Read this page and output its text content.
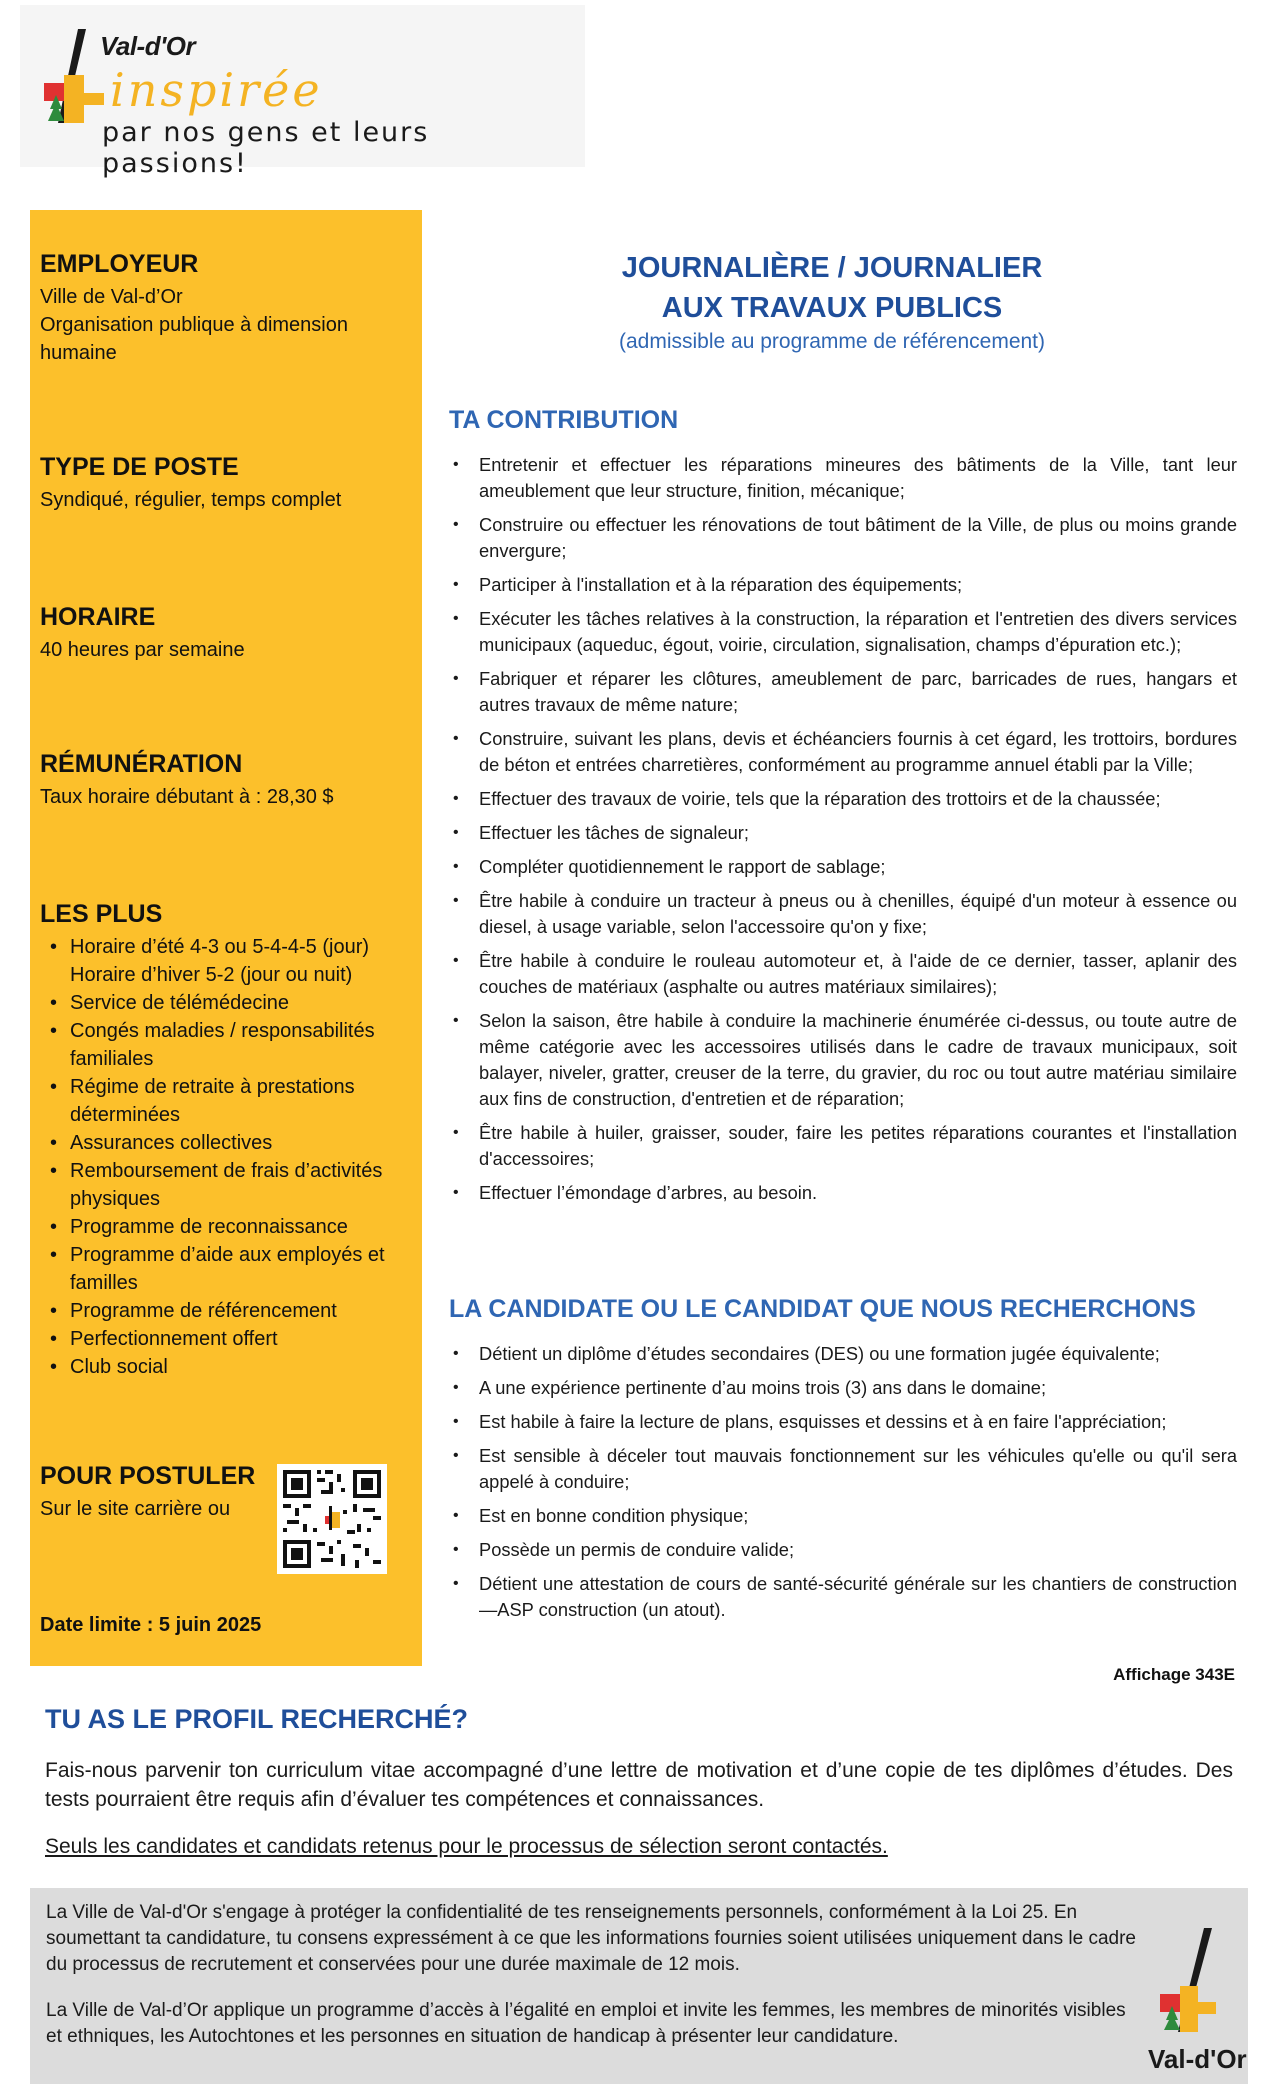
Val-d'Or
inspirée
par nos gens et leurs passions!
EMPLOYEUR
Ville de Val-d’Or
Organisation publique à dimension humaine
TYPE DE POSTE
Syndiqué, régulier, temps complet
HORAIRE
40 heures par semaine
RÉMUNÉRATION
Taux horaire débutant à : 28,30 $
LES PLUS
• Horaire d’été 4-3 ou 5-4-4-5 (jour) Horaire d’hiver 5-2 (jour ou nuit)
• Service de télémédecine
• Congés maladies / responsabilités familiales
• Régime de retraite à prestations déterminées
• Assurances collectives
• Remboursement de frais d’activités physiques
• Programme de reconnaissance
• Programme d’aide aux employés et familles
• Programme de référencement
• Perfectionnement offert
• Club social
POUR POSTULER
Sur le site carrière ou
Date limite : 5 juin 2025
JOURNALIÈRE / JOURNALIER
AUX TRAVAUX PUBLICS
(admissible au programme de référencement)
TA CONTRIBUTION
• Entretenir et effectuer les réparations mineures des bâtiments de la Ville, tant leur ameublement que leur structure, finition, mécanique;
• Construire ou effectuer les rénovations de tout bâtiment de la Ville, de plus ou moins grande envergure;
• Participer à l'installation et à la réparation des équipements;
• Exécuter les tâches relatives à la construction, la réparation et l'entretien des divers services municipaux (aqueduc, égout, voirie, circulation, signalisation, champs d’épuration etc.);
• Fabriquer et réparer les clôtures, ameublement de parc, barricades de rues, hangars et autres travaux de même nature;
• Construire, suivant les plans, devis et échéanciers fournis à cet égard, les trottoirs, bordures de béton et entrées charretières, conformément au programme annuel établi par la Ville;
• Effectuer des travaux de voirie, tels que la réparation des trottoirs et de la chaussée;
• Effectuer les tâches de signaleur;
• Compléter quotidiennement le rapport de sablage;
• Être habile à conduire un tracteur à pneus ou à chenilles, équipé d'un moteur à essence ou diesel, à usage variable, selon l'accessoire qu'on y fixe;
• Être habile à conduire le rouleau automoteur et, à l'aide de ce dernier, tasser, aplanir des couches de matériaux (asphalte ou autres matériaux similaires);
• Selon la saison, être habile à conduire la machinerie énumérée ci-dessus, ou toute autre de même catégorie avec les accessoires utilisés dans le cadre de travaux municipaux, soit balayer, niveler, gratter, creuser de la terre, du gravier, du roc ou tout autre matériau similaire aux fins de construction, d'entretien et de réparation;
• Être habile à huiler, graisser, souder, faire les petites réparations courantes et l'installation d'accessoires;
• Effectuer l’émondage d’arbres, au besoin.
LA CANDIDATE OU LE CANDIDAT QUE NOUS RECHERCHONS
• Détient un diplôme d’études secondaires (DES) ou une formation jugée équivalente;
• A une expérience pertinente d’au moins trois (3) ans dans le domaine;
• Est habile à faire la lecture de plans, esquisses et dessins et à en faire l'appréciation;
• Est sensible à déceler tout mauvais fonctionnement sur les véhicules qu'elle ou qu'il sera appelé à conduire;
• Est en bonne condition physique;
• Possède un permis de conduire valide;
• Détient une attestation de cours de santé-sécurité générale sur les chantiers de construction—ASP construction (un atout).
Affichage 343E
TU AS LE PROFIL RECHERCHÉ?
Fais-nous parvenir ton curriculum vitae accompagné d’une lettre de motivation et d’une copie de tes diplômes d’études. Des tests pourraient être requis afin d’évaluer tes compétences et connaissances.
Seuls les candidates et candidats retenus pour le processus de sélection seront contactés.

La Ville de Val-d'Or s'engage à protéger la confidentialité de tes renseignements personnels, conformément à la Loi 25. En soumettant ta candidature, tu consens expressément à ce que les informations fournies soient utilisées uniquement dans le cadre du processus de recrutement et conservées pour une durée maximale de 12 mois.

La Ville de Val-d’Or applique un programme d’accès à l’égalité en emploi et invite les femmes, les membres de minorités visibles et ethniques, les Autochtones et les personnes en situation de handicap à présenter leur candidature.

Val-d'Or
